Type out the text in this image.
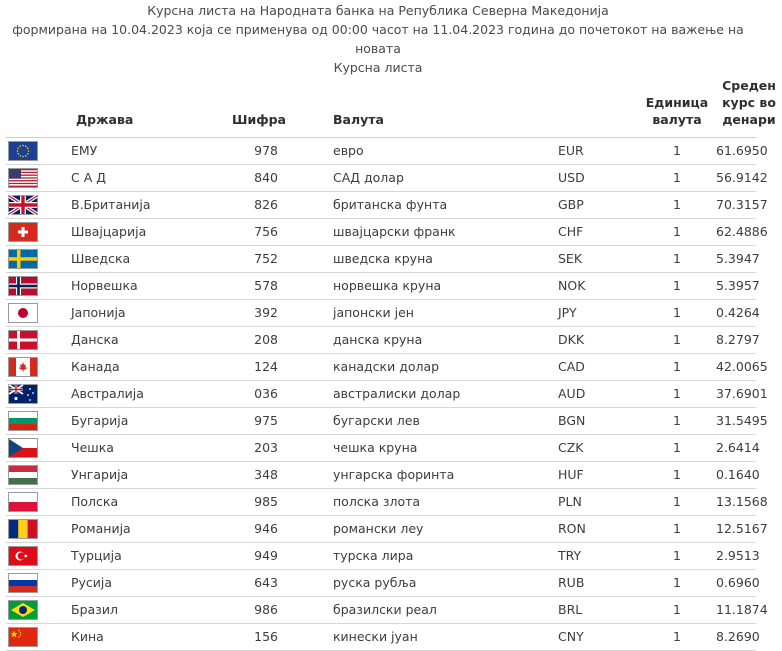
Курсна листа на Народната банка на Република Северна Македонија
формирана на 10.04.2023 која се применува од 00:00 часот на 11.04.2023 година до почетокот на важење на новата
Курсна листа
	Држава	Шифра	Валута		Единица валута	Среден курс во денари

	ЕМУ	978	евро	EUR	1	61.6950

	С А Д	840	САД долар	USD	1	56.9142

	В.Британија	826	британска фунта	GBP	1	70.3157

	Швајцарија	756	швајцарски франк	CHF	1	62.4886

	Шведска	752	шведска круна	SEK	1	5.3947

	Норвешка	578	норвешка круна	NOK	1	5.3957

	Јапонија	392	јапонски јен	JPY	1	0.4264

	Данска	208	данска круна	DKK	1	8.2797

	Канада	124	канадски долар	CAD	1	42.0065

	Австралија	036	австралиски долар	AUD	1	37.6901

	Бугарија	975	бугарски лев	BGN	1	31.5495

	Чешка	203	чешка круна	CZK	1	2.6414

	Унгарија	348	унгарска форинта	HUF	1	0.1640

	Полска	985	полска злота	PLN	1	13.1568

	Романија	946	романски леу	RON	1	12.5167

	Турција	949	турска лира	TRY	1	2.9513

	Русија	643	руска рубља	RUB	1	0.6960

	Бразил	986	бразилски реал	BRL	1	11.1874

	Кина	156	кинески јуан	CNY	1	8.2690
